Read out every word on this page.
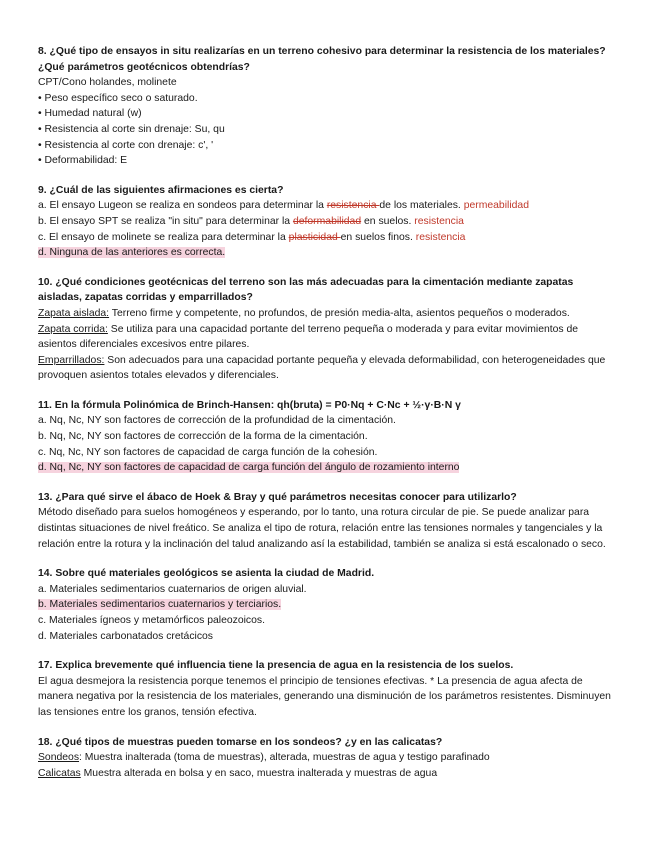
8. ¿Qué tipo de ensayos in situ realizarías en un terreno cohesivo para determinar la resistencia de los materiales? ¿Qué parámetros geotécnicos obtendrías?
CPT/Cono holandes, molinete
• Peso específico seco o saturado.
• Humedad natural (w)
• Resistencia al corte sin drenaje: Su, qu
• Resistencia al corte con drenaje: c', '
• Deformabilidad: E
9. ¿Cuál de las siguientes afirmaciones es cierta?
a. El ensayo Lugeon se realiza en sondeos para determinar la resistencia de los materiales. permeabilidad
b. El ensayo SPT se realiza "in situ" para determinar la deformabilidad en suelos. resistencia
c. El ensayo de molinete se realiza para determinar la plasticidad en suelos finos. resistencia
d. Ninguna de las anteriores es correcta.
10. ¿Qué condiciones geotécnicas del terreno son las más adecuadas para la cimentación mediante zapatas aisladas, zapatas corridas y emparrillados?
Zapata aislada: Terreno firme y competente, no profundos, de presión media-alta, asientos pequeños o moderados.
Zapata corrida: Se utiliza para una capacidad portante del terreno pequeña o moderada y para evitar movimientos de asientos diferenciales excesivos entre pilares.
Emparrillados: Son adecuados para una capacidad portante pequeña y elevada deformabilidad, con heterogeneidades que provoquen asientos totales elevados y diferenciales.
11. En la fórmula Polinómica de Brinch-Hansen: qh(bruta) = P0·Nq + C·Nc + ½·γ·B·N γ
a. Nq, Nc, NY son factores de corrección de la profundidad de la cimentación.
b. Nq, Nc, NY son factores de corrección de la forma de la cimentación.
c. Nq, Nc, NY son factores de capacidad de carga función de la cohesión.
d. Nq, Nc, NY son factores de capacidad de carga función del ángulo de rozamiento interno
13. ¿Para qué sirve el ábaco de Hoek & Bray y qué parámetros necesitas conocer para utilizarlo?
Método diseñado para suelos homogéneos y esperando, por lo tanto, una rotura circular de pie. Se puede analizar para distintas situaciones de nivel freático. Se analiza el tipo de rotura, relación entre las tensiones normales y tangenciales y la relación entre la rotura y la inclinación del talud analizando así la estabilidad, también se analiza si está escalonado o seco.
14. Sobre qué materiales geológicos se asienta la ciudad de Madrid.
a. Materiales sedimentarios cuaternarios de origen aluvial.
b. Materiales sedimentarios cuaternarios y terciarios.
c. Materiales ígneos y metamórficos paleozoicos.
d. Materiales carbonatados cretácicos
17. Explica brevemente qué influencia tiene la presencia de agua en la resistencia de los suelos.
El agua desmejora la resistencia porque tenemos el principio de tensiones efectivas. * La presencia de agua afecta de manera negativa por la resistencia de los materiales, generando una disminución de los parámetros resistentes. Disminuyen las tensiones entre los granos, tensión efectiva.
18. ¿Qué tipos de muestras pueden tomarse en los sondeos? ¿y en las calicatas?
Sondeos: Muestra inalterada (toma de muestras), alterada, muestras de agua y testigo parafinado
Calicatas Muestra alterada en bolsa y en saco, muestra inalterada y muestras de agua
